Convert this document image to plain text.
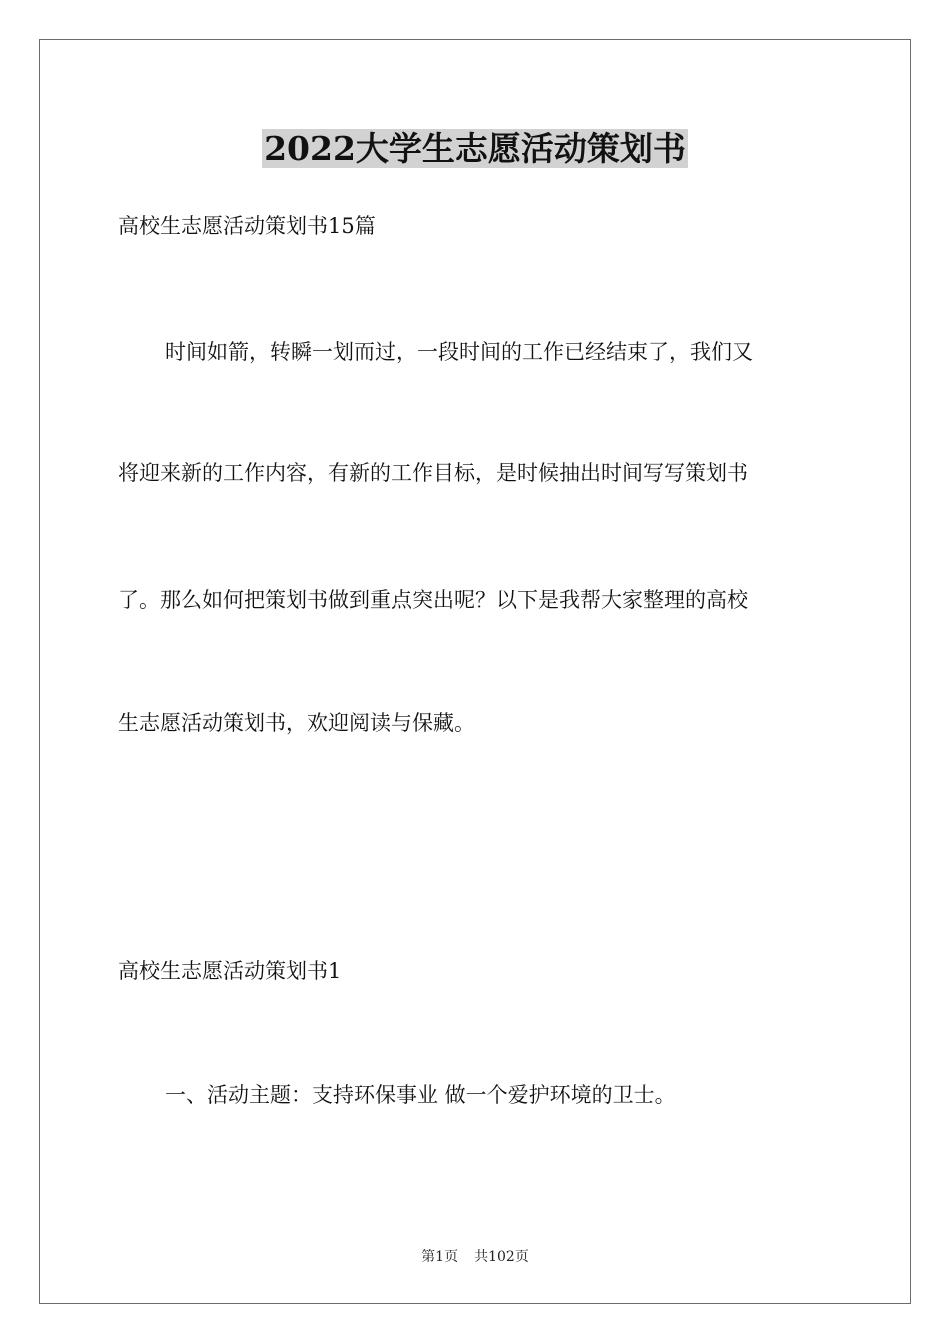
2022大学生志愿活动策划书
高校生志愿活动策划书15篇
时间如箭，转瞬一划而过，一段时间的工作已经结束了，我们又
将迎来新的工作内容，有新的工作目标，是时候抽出时间写写策划书
了。那么如何把策划书做到重点突出呢？以下是我帮大家整理的高校
生志愿活动策划书，欢迎阅读与保藏。
高校生志愿活动策划书1
一、活动主题：支持环保事业 做一个爱护环境的卫士。
第1页 共102页
